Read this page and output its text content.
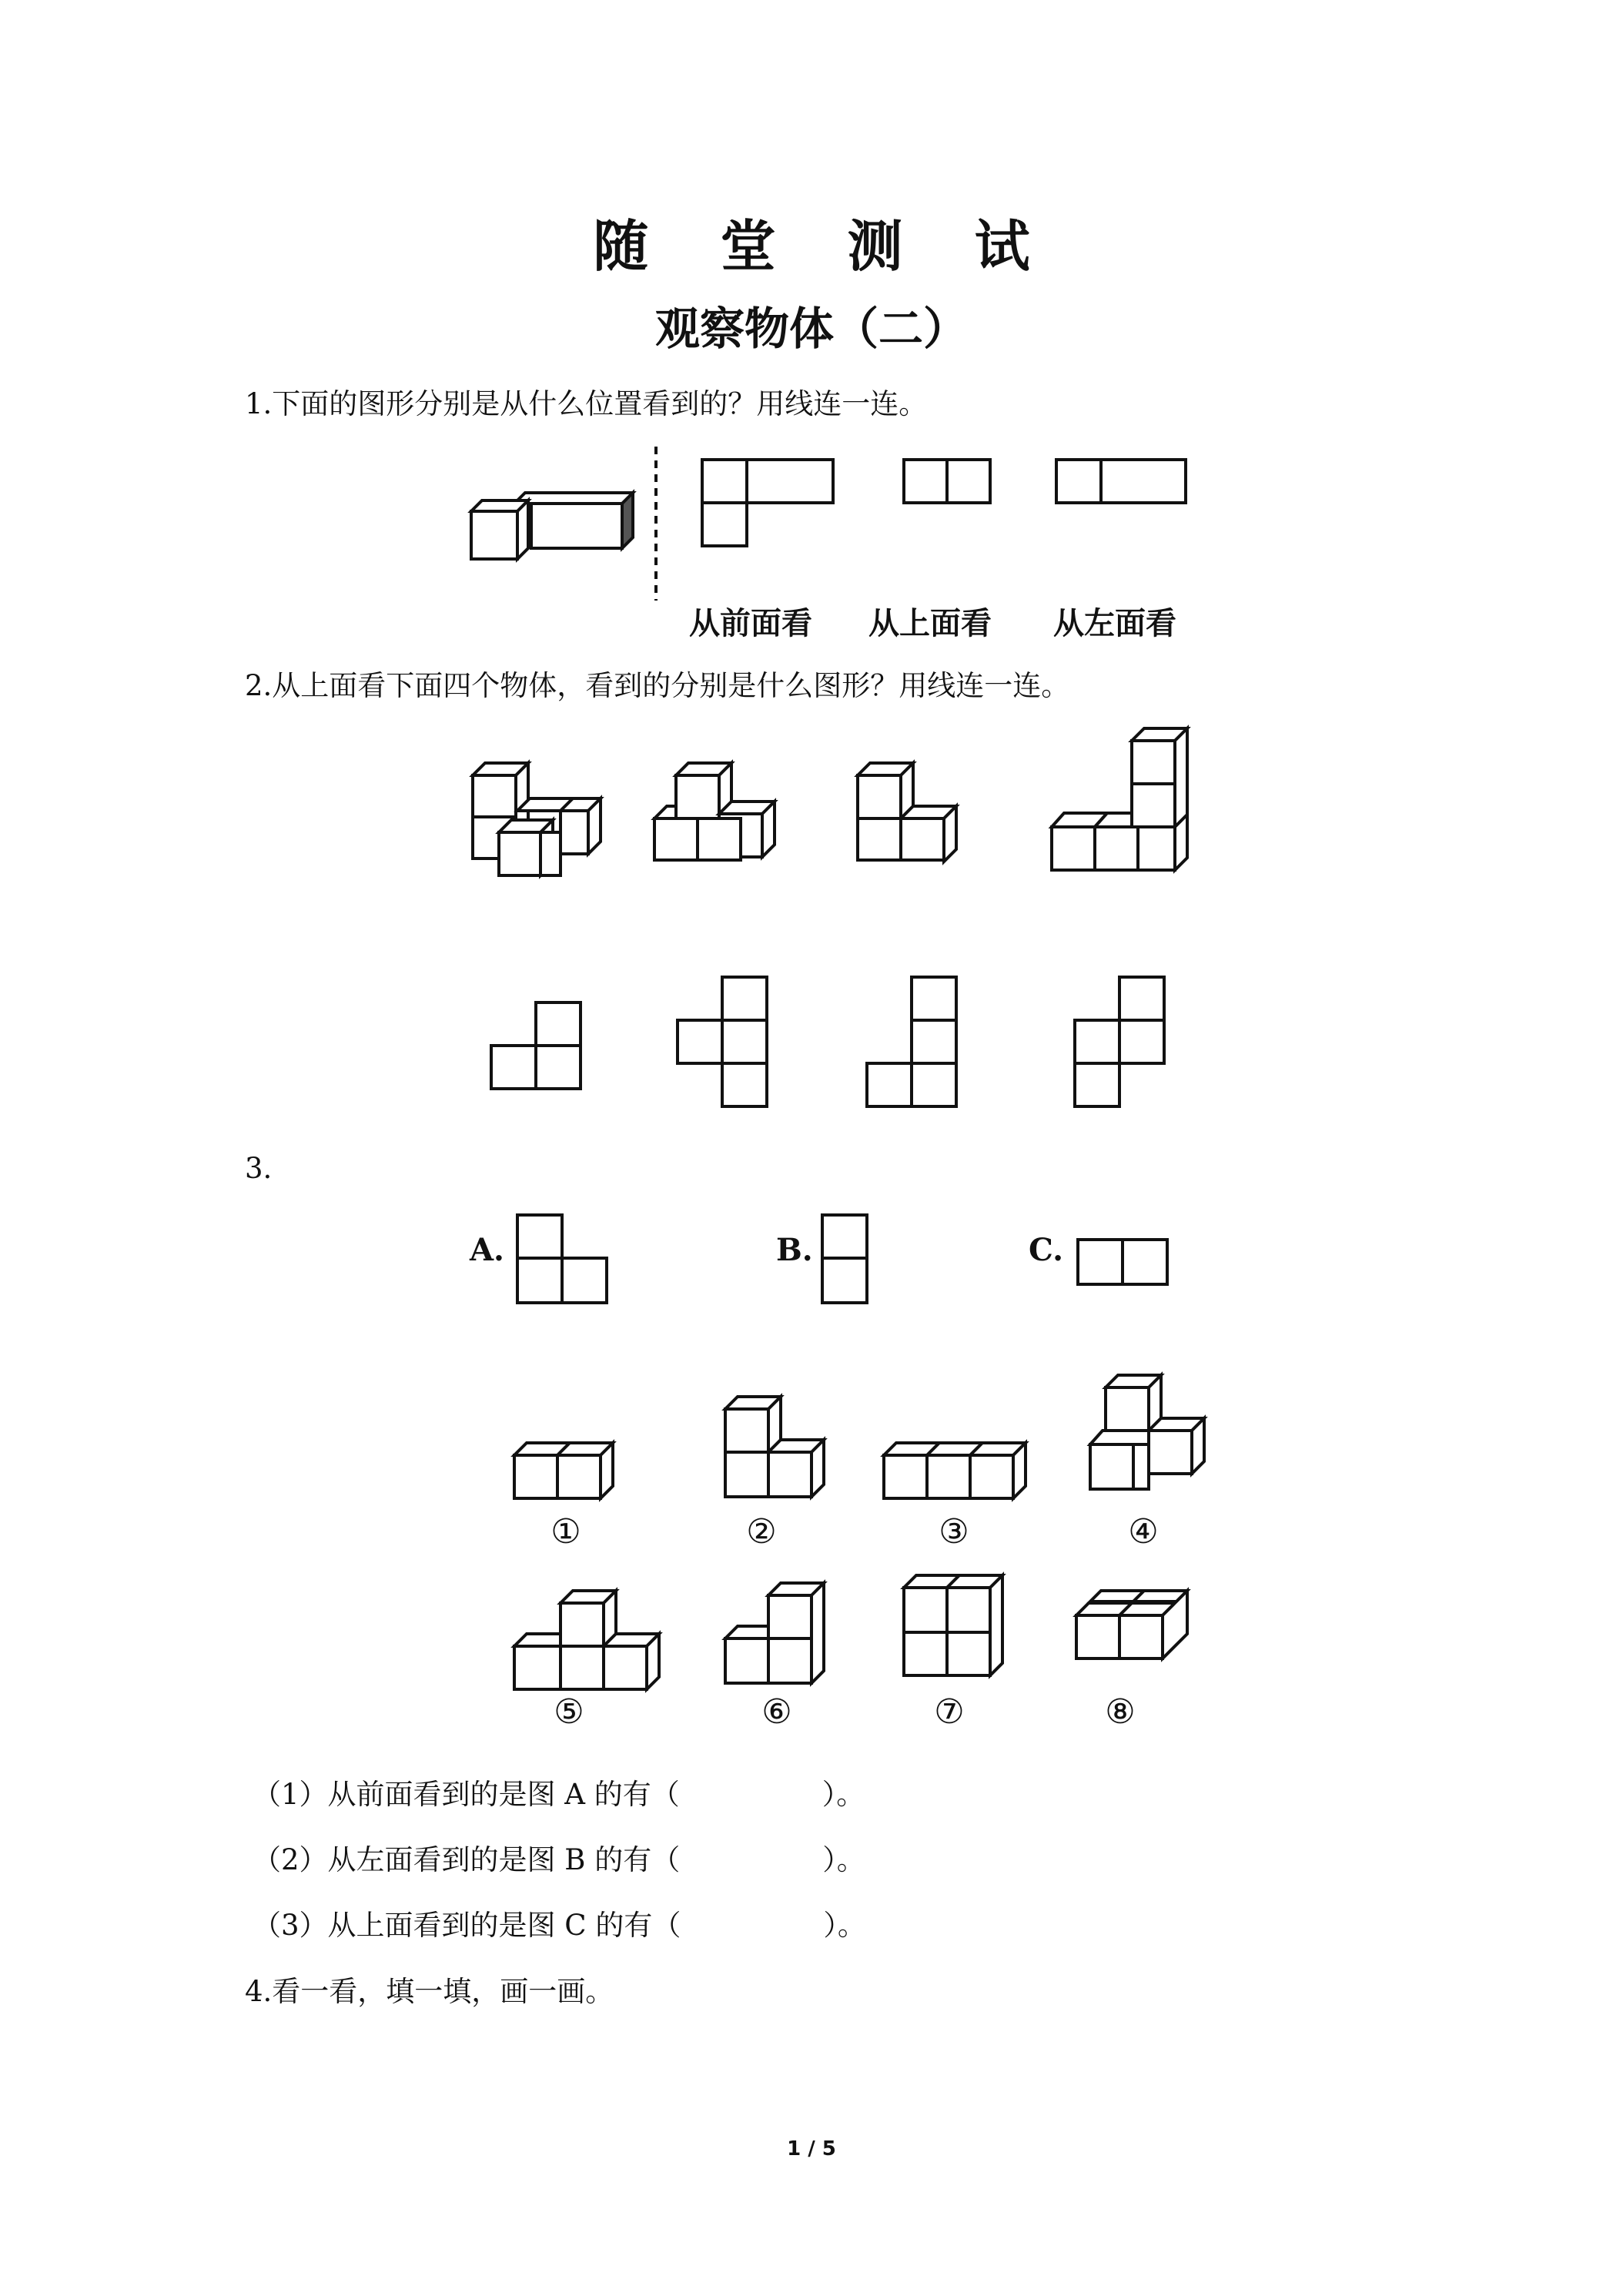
随 堂 测 试
观察物体（二）
1.下面的图形分别是从什么位置看到的？用线连一连。
从前面看 从上面看 从左面看
2.从上面看下面四个物体，看到的分别是什么图形？用线连一连。
3.
A.	B.	C.
①	②	③	④
⑤	⑥	⑦	⑧
（1）从前面看到的是图 A 的有（　　　　　）。
（2）从左面看到的是图 B 的有（　　　　　）。
（3）从上面看到的是图 C 的有（　　　　　）。
4.看一看，填一填，画一画。
1 / 5
